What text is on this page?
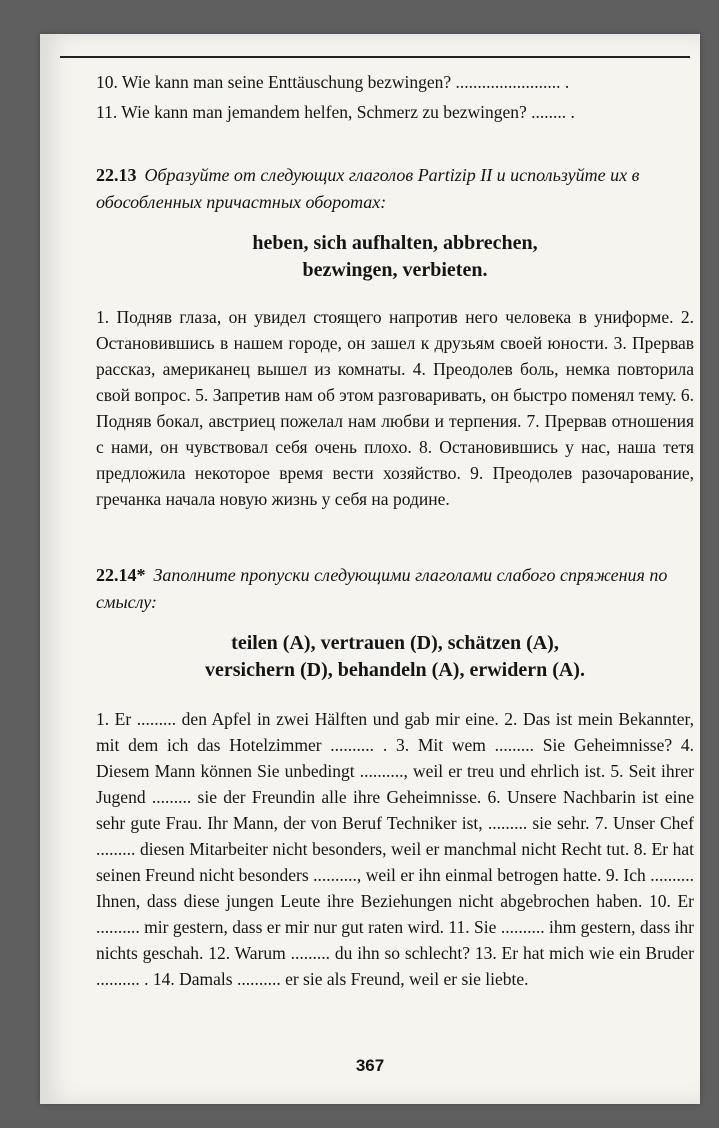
10. Wie kann man seine Enttäuschung bezwingen? ........................ .
11. Wie kann man jemandem helfen, Schmerz zu bezwingen? ........ .
22.13 Образуйте от следующих глаголов Partizip II и используйте их в обособленных причастных оборотах:
heben, sich aufhalten, abbrechen,
bezwingen, verbieten.
1. Подняв глаза, он увидел стоящего напротив него человека в униформе. 2. Остановившись в нашем городе, он зашел к друзьям своей юности. 3. Прервав рассказ, американец вышел из комнаты. 4. Преодолев боль, немка повторила свой вопрос. 5. Запретив нам об этом разговаривать, он быстро поменял тему. 6. Подняв бокал, австриец пожелал нам любви и терпения. 7. Прервав отношения с нами, он чувствовал себя очень плохо. 8. Остановившись у нас, наша тетя предложила некоторое время вести хозяйство. 9. Преодолев разочарование, гречанка начала новую жизнь у себя на родине.
22.14* Заполните пропуски следующими глаголами слабого спряжения по смыслу:
teilen (A), vertrauen (D), schätzen (A),
versichern (D), behandeln (A), erwidern (A).
1. Er ......... den Apfel in zwei Hälften und gab mir eine. 2. Das ist mein Bekannter, mit dem ich das Hotelzimmer .......... . 3. Mit wem ......... Sie Geheimnisse? 4. Diesem Mann können Sie unbedingt .........., weil er treu und ehrlich ist. 5. Seit ihrer Jugend ......... sie der Freundin alle ihre Geheimnisse. 6. Unsere Nachbarin ist eine sehr gute Frau. Ihr Mann, der von Beruf Techniker ist, ......... sie sehr. 7. Unser Chef ......... diesen Mitarbeiter nicht besonders, weil er manchmal nicht Recht tut. 8. Er hat seinen Freund nicht besonders .........., weil er ihn einmal betrogen hatte. 9. Ich .......... Ihnen, dass diese jungen Leute ihre Beziehungen nicht abgebrochen haben. 10. Er .......... mir gestern, dass er mir nur gut raten wird. 11. Sie .......... ihm gestern, dass ihr nichts geschah. 12. Warum ......... du ihn so schlecht? 13. Er hat mich wie ein Bruder .......... . 14. Damals .......... er sie als Freund, weil er sie liebte.
367
